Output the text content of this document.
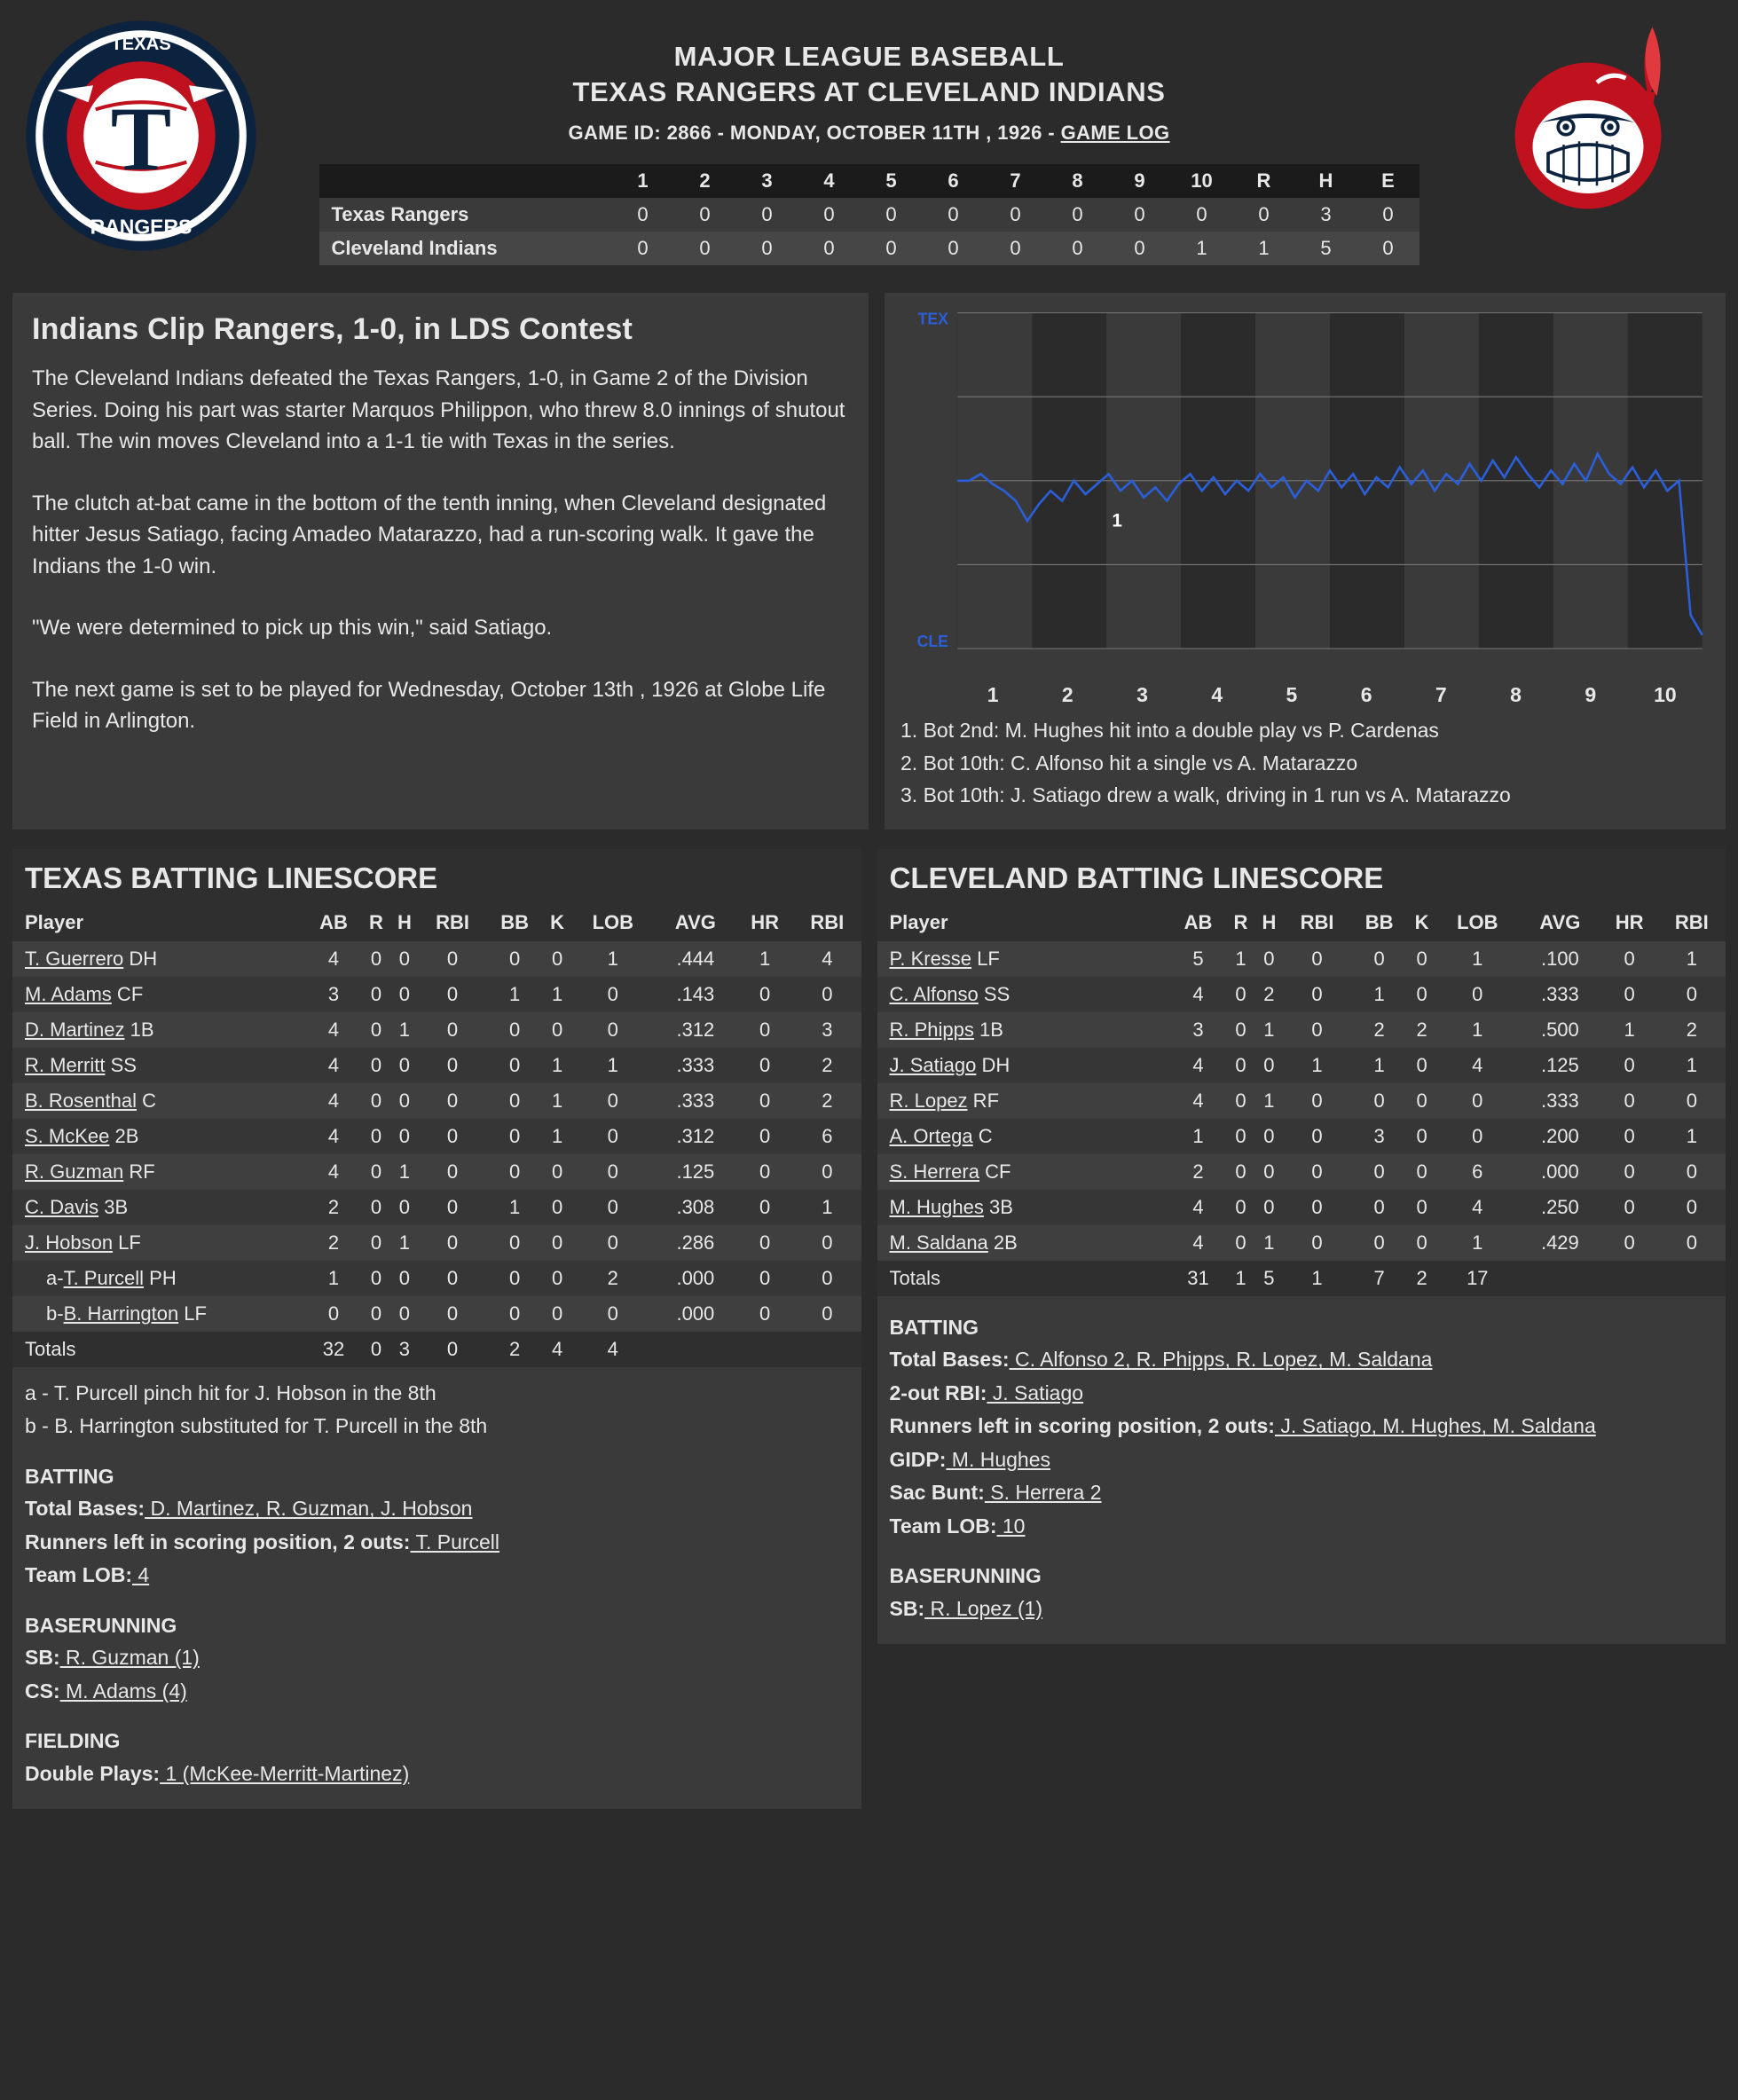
T
TEXAS
RANGERS
MAJOR LEAGUE BASEBALL
TEXAS RANGERS AT CLEVELAND INDIANS
GAME ID: 2866 - MONDAY, OCTOBER 11TH , 1926 - GAME LOG
	1	2	3	4	5	6	7	8	9	10	R	H	E
Texas Rangers	0	0	0	0	0	0	0	0	0	0	0	3	0
Cleveland Indians	0	0	0	0	0	0	0	0	0	1	1	5	0
Indians Clip Rangers, 1-0, in LDS Contest

The Cleveland Indians defeated the Texas Rangers, 1-0, in Game 2 of the Division Series. Doing his part was starter Marquos Philippon, who threw 8.0 innings of shutout ball. The win moves Cleveland into a 1-1 tie with Texas in the series.

The clutch at-bat came in the bottom of the tenth inning, when Cleveland designated hitter Jesus Satiago, facing Amadeo Matarazzo, had a run-scoring walk. It gave the Indians the 1-0 win.

"We were determined to pick up this win," said Satiago.

The next game is set to be played for Wednesday, October 13th , 1926 at Globe Life Field in Arlington.

TEX
CLE
1
1	2	3	4	5	6	7	8	9	10
1. Bot 2nd: M. Hughes hit into a double play vs P. Cardenas
2. Bot 10th: C. Alfonso hit a single vs A. Matarazzo
3. Bot 10th: J. Satiago drew a walk, driving in 1 run vs A. Matarazzo
TEXAS BATTING LINESCORE
Player	AB	R	H	RBI	BB	K	LOB	AVG	HR	RBI
T. Guerrero DH	4	0	0	0	0	0	1	.444	1	4
M. Adams CF	3	0	0	0	1	1	0	.143	0	0
D. Martinez 1B	4	0	1	0	0	0	0	.312	0	3
R. Merritt SS	4	0	0	0	0	1	1	.333	0	2
B. Rosenthal C	4	0	0	0	0	1	0	.333	0	2
S. McKee 2B	4	0	0	0	0	1	0	.312	0	6
R. Guzman RF	4	0	1	0	0	0	0	.125	0	0
C. Davis 3B	2	0	0	0	1	0	0	.308	0	1
J. Hobson LF	2	0	1	0	0	0	0	.286	0	0
a-T. Purcell PH	1	0	0	0	0	0	2	.000	0	0
b-B. Harrington LF	0	0	0	0	0	0	0	.000	0	0
Totals	32	0	3	0	2	4	4			
a - T. Purcell pinch hit for J. Hobson in the 8th
b - B. Harrington substituted for T. Purcell in the 8th
BATTING
Total Bases: D. Martinez, R. Guzman, J. Hobson
Runners left in scoring position, 2 outs: T. Purcell
Team LOB: 4
BASERUNNING
SB: R. Guzman (1)
CS: M. Adams (4)
FIELDING
Double Plays: 1 (McKee-Merritt-Martinez)
CLEVELAND BATTING LINESCORE
Player	AB	R	H	RBI	BB	K	LOB	AVG	HR	RBI
P. Kresse LF	5	1	0	0	0	0	1	.100	0	1
C. Alfonso SS	4	0	2	0	1	0	0	.333	0	0
R. Phipps 1B	3	0	1	0	2	2	1	.500	1	2
J. Satiago DH	4	0	0	1	1	0	4	.125	0	1
R. Lopez RF	4	0	1	0	0	0	0	.333	0	0
A. Ortega C	1	0	0	0	3	0	0	.200	0	1
S. Herrera CF	2	0	0	0	0	0	6	.000	0	0
M. Hughes 3B	4	0	0	0	0	0	4	.250	0	0
M. Saldana 2B	4	0	1	0	0	0	1	.429	0	0
Totals	31	1	5	1	7	2	17			
BATTING
Total Bases: C. Alfonso 2, R. Phipps, R. Lopez, M. Saldana
2-out RBI: J. Satiago
Runners left in scoring position, 2 outs: J. Satiago, M. Hughes, M. Saldana
GIDP: M. Hughes
Sac Bunt: S. Herrera 2
Team LOB: 10
BASERUNNING
SB: R. Lopez (1)
